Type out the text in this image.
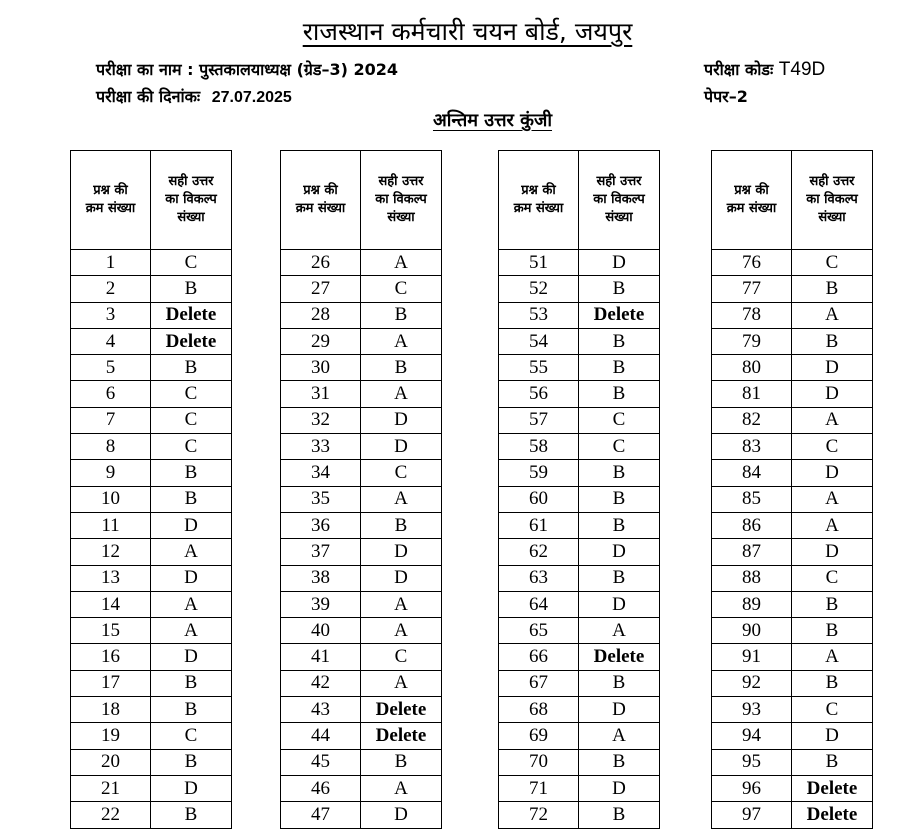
राजस्थान कर्मचारी चयन बोर्ड, जयपुर
परीक्षा का नाम : पुस्तकालयाध्यक्ष (ग्रेड–3) 2024
परीक्षा की दिनांकः 27.07.2025
परीक्षा कोडः T49D
पेपर–2
अन्तिम उत्तर कुंजी
प्रश्न की
क्रम संख्या	सही उत्तर
का विकल्प
संख्या
1	C
2	B
3	Delete
4	Delete
5	B
6	C
7	C
8	C
9	B
10	B
11	D
12	A
13	D
14	A
15	A
16	D
17	B
18	B
19	C
20	B
21	D
22	B
प्रश्न की
क्रम संख्या	सही उत्तर
का विकल्प
संख्या
26	A
27	C
28	B
29	A
30	B
31	A
32	D
33	D
34	C
35	A
36	B
37	D
38	D
39	A
40	A
41	C
42	A
43	Delete
44	Delete
45	B
46	A
47	D
प्रश्न की
क्रम संख्या	सही उत्तर
का विकल्प
संख्या
51	D
52	B
53	Delete
54	B
55	B
56	B
57	C
58	C
59	B
60	B
61	B
62	D
63	B
64	D
65	A
66	Delete
67	B
68	D
69	A
70	B
71	D
72	B
प्रश्न की
क्रम संख्या	सही उत्तर
का विकल्प
संख्या
76	C
77	B
78	A
79	B
80	D
81	D
82	A
83	C
84	D
85	A
86	A
87	D
88	C
89	B
90	B
91	A
92	B
93	C
94	D
95	B
96	Delete
97	Delete
